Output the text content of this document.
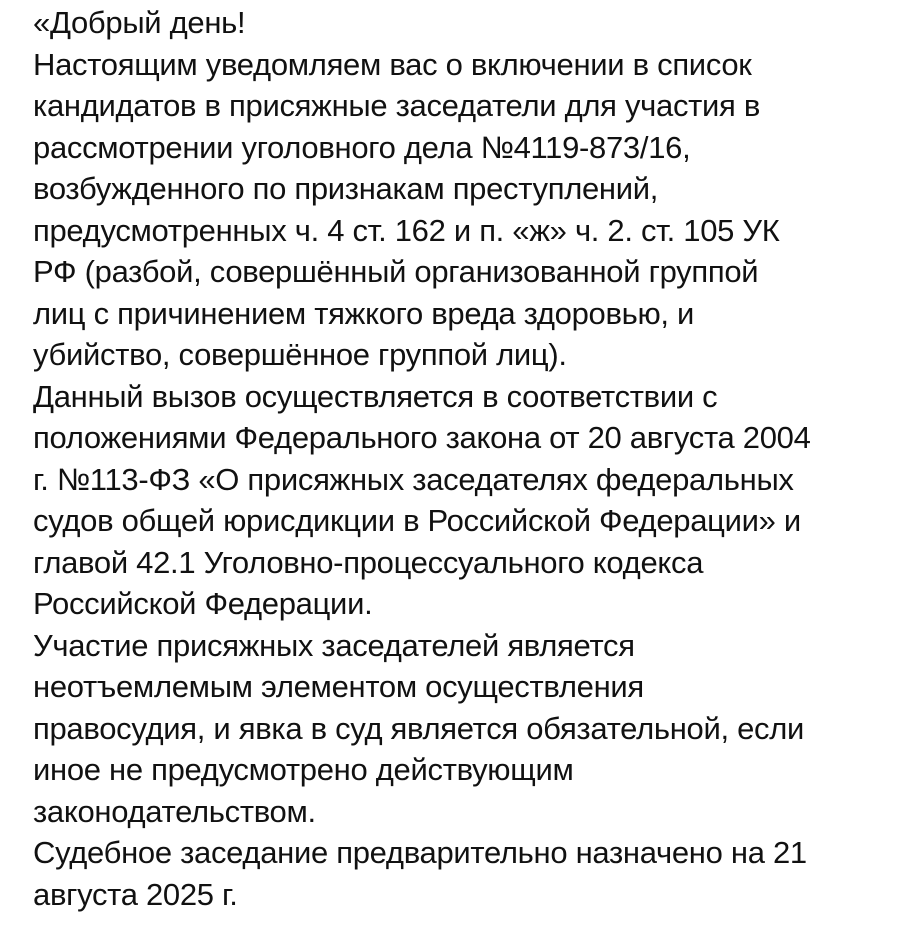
«Добрый день!
Настоящим уведомляем вас о включении в список
кандидатов в присяжные заседатели для участия в
рассмотрении уголовного дела №4119-873/16,
возбужденного по признакам преступлений,
предусмотренных ч. 4 ст. 162 и п. «ж» ч. 2. ст. 105 УК
РФ (разбой, совершённый организованной группой
лиц с причинением тяжкого вреда здоровью, и
убийство, совершённое группой лиц).
Данный вызов осуществляется в соответствии с
положениями Федерального закона от 20 августа 2004
г. №113-ФЗ «О присяжных заседателях федеральных
судов общей юрисдикции в Российской Федерации» и
главой 42.1 Уголовно-процессуального кодекса
Российской Федерации.
Участие присяжных заседателей является
неотъемлемым элементом осуществления
правосудия, и явка в суд является обязательной, если
иное не предусмотрено действующим
законодательством.
Судебное заседание предварительно назначено на 21
августа 2025 г.
